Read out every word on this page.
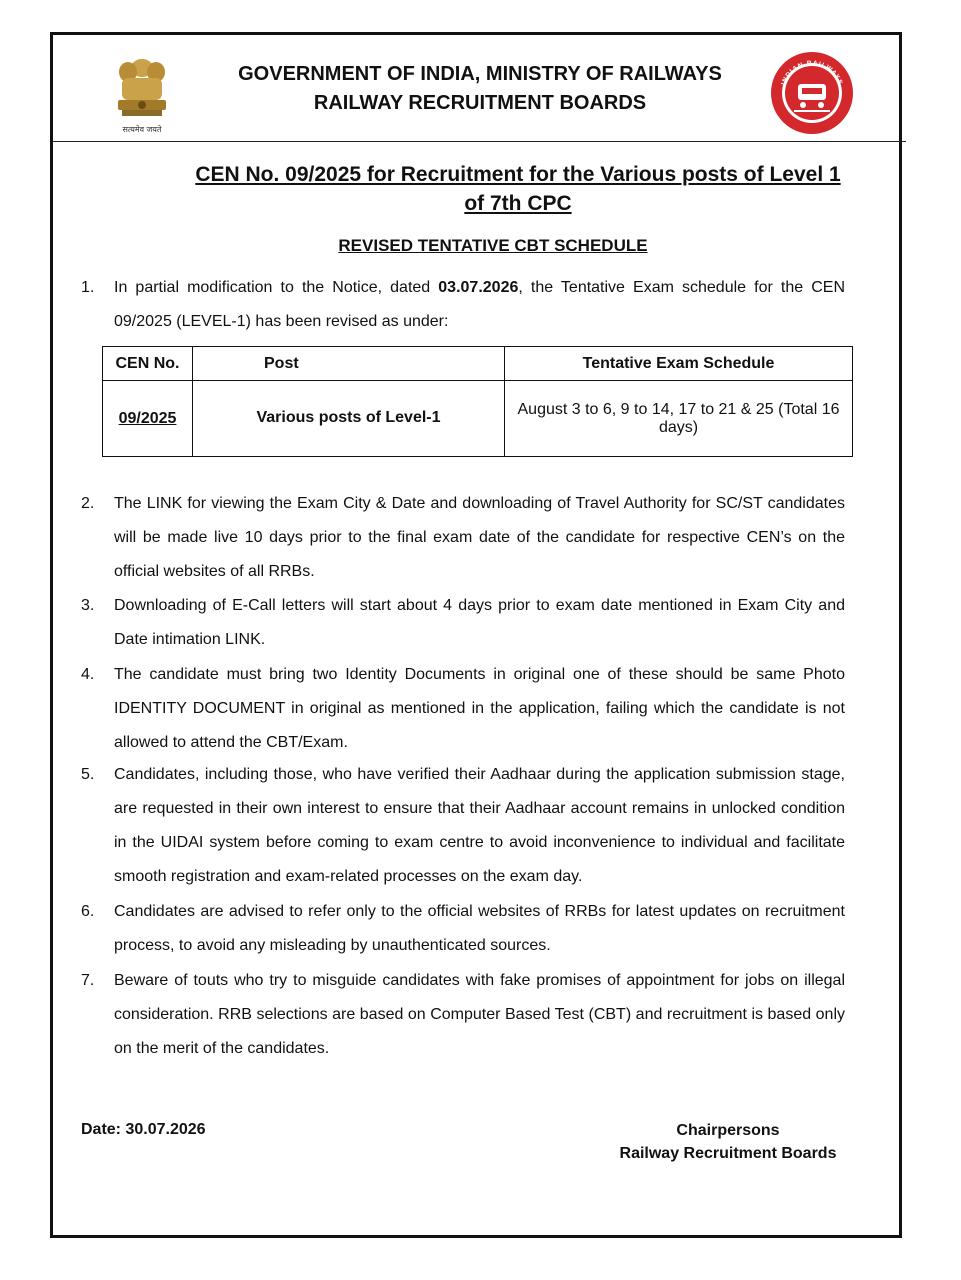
सत्यमेव जयते
GOVERNMENT OF INDIA, MINISTRY OF RAILWAYS
RAILWAY RECRUITMENT BOARDS
INDIAN RAILWAYS
CEN No. 09/2025 for Recruitment for the Various posts of Level 1
of 7th CPC
REVISED TENTATIVE CBT SCHEDULE
1.	In partial modification to the Notice, dated 03.07.2026, the Tentative Exam schedule for the CEN 09/2025 (LEVEL-1) has been revised as under:
CEN No.	Post	Tentative Exam Schedule
09/2025	Various posts of Level-1	August 3 to 6, 9 to 14, 17 to 21 & 25 (Total 16 days)
2.	The LINK for viewing the Exam City & Date and downloading of Travel Authority for SC/ST candidates will be made live 10 days prior to the final exam date of the candidate for respective CEN’s on the official websites of all RRBs.
3.	Downloading of E-Call letters will start about 4 days prior to exam date mentioned in Exam City and Date intimation LINK.
4.	The candidate must bring two Identity Documents in original one of these should be same Photo IDENTITY DOCUMENT in original as mentioned in the application, failing which the candidate is not allowed to attend the CBT/Exam.
5.	Candidates, including those, who have verified their Aadhaar during the application submission stage, are requested in their own interest to ensure that their Aadhaar account remains in unlocked condition in the UIDAI system before coming to exam centre to avoid inconvenience to individual and facilitate smooth registration and exam-related processes on the exam day.
6.	Candidates are advised to refer only to the official websites of RRBs for latest updates on recruitment process, to avoid any misleading by unauthenticated sources.
7.	Beware of touts who try to misguide candidates with fake promises of appointment for jobs on illegal consideration. RRB selections are based on Computer Based Test (CBT) and recruitment is based only on the merit of the candidates.
Date: 30.07.2026	Chairpersons
Railway Recruitment Boards
